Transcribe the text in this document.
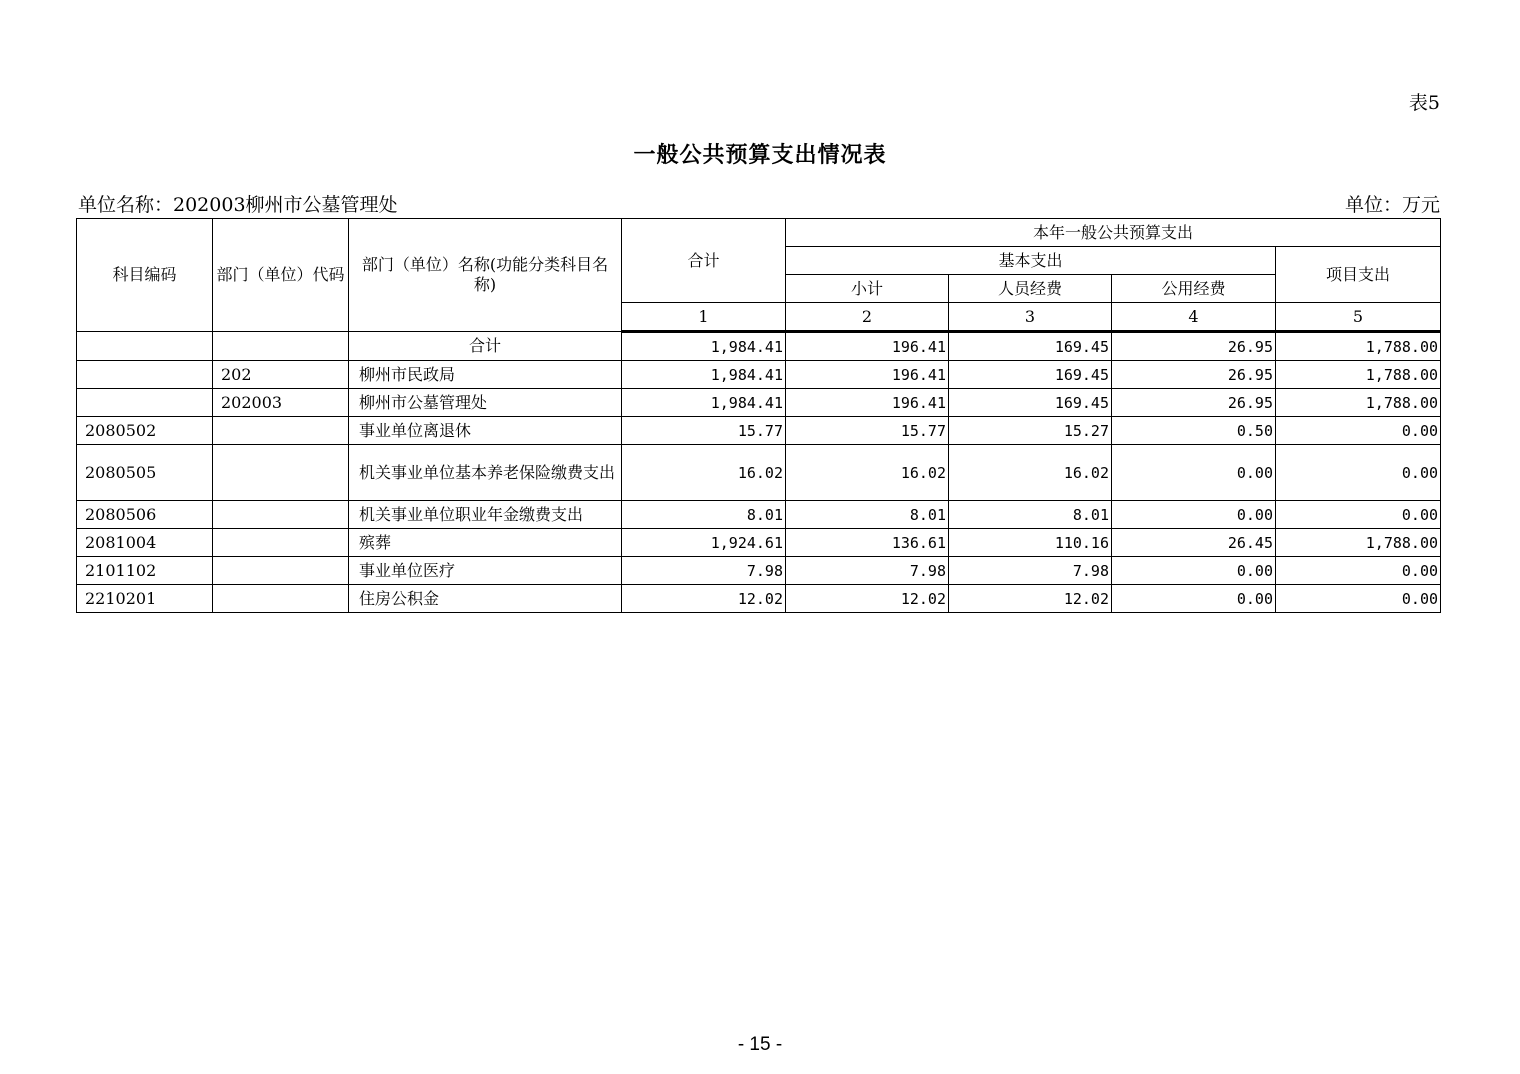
表5
一般公共预算支出情况表
单位名称：202003柳州市公墓管理处	单位：万元
科目编码	部门（单位）代码	部门（单位）名称(功能分类科目名称)	合计	本年一般公共预算支出			
				基本支出			项目支出
				小计	人员经费	公用经费	
			1	2	3	4	5
		合计	1,984.41	196.41	169.45	26.95	1,788.00
	202	柳州市民政局	1,984.41	196.41	169.45	26.95	1,788.00
	202003	柳州市公墓管理处	1,984.41	196.41	169.45	26.95	1,788.00
2080502		事业单位离退休	15.77	15.77	15.27	0.50	0.00
2080505		机关事业单位基本养老保险缴费支出	16.02	16.02	16.02	0.00	0.00
2080506		机关事业单位职业年金缴费支出	8.01	8.01	8.01	0.00	0.00
2081004		殡葬	1,924.61	136.61	110.16	26.45	1,788.00
2101102		事业单位医疗	7.98	7.98	7.98	0.00	0.00
2210201		住房公积金	12.02	12.02	12.02	0.00	0.00
- 15 -
